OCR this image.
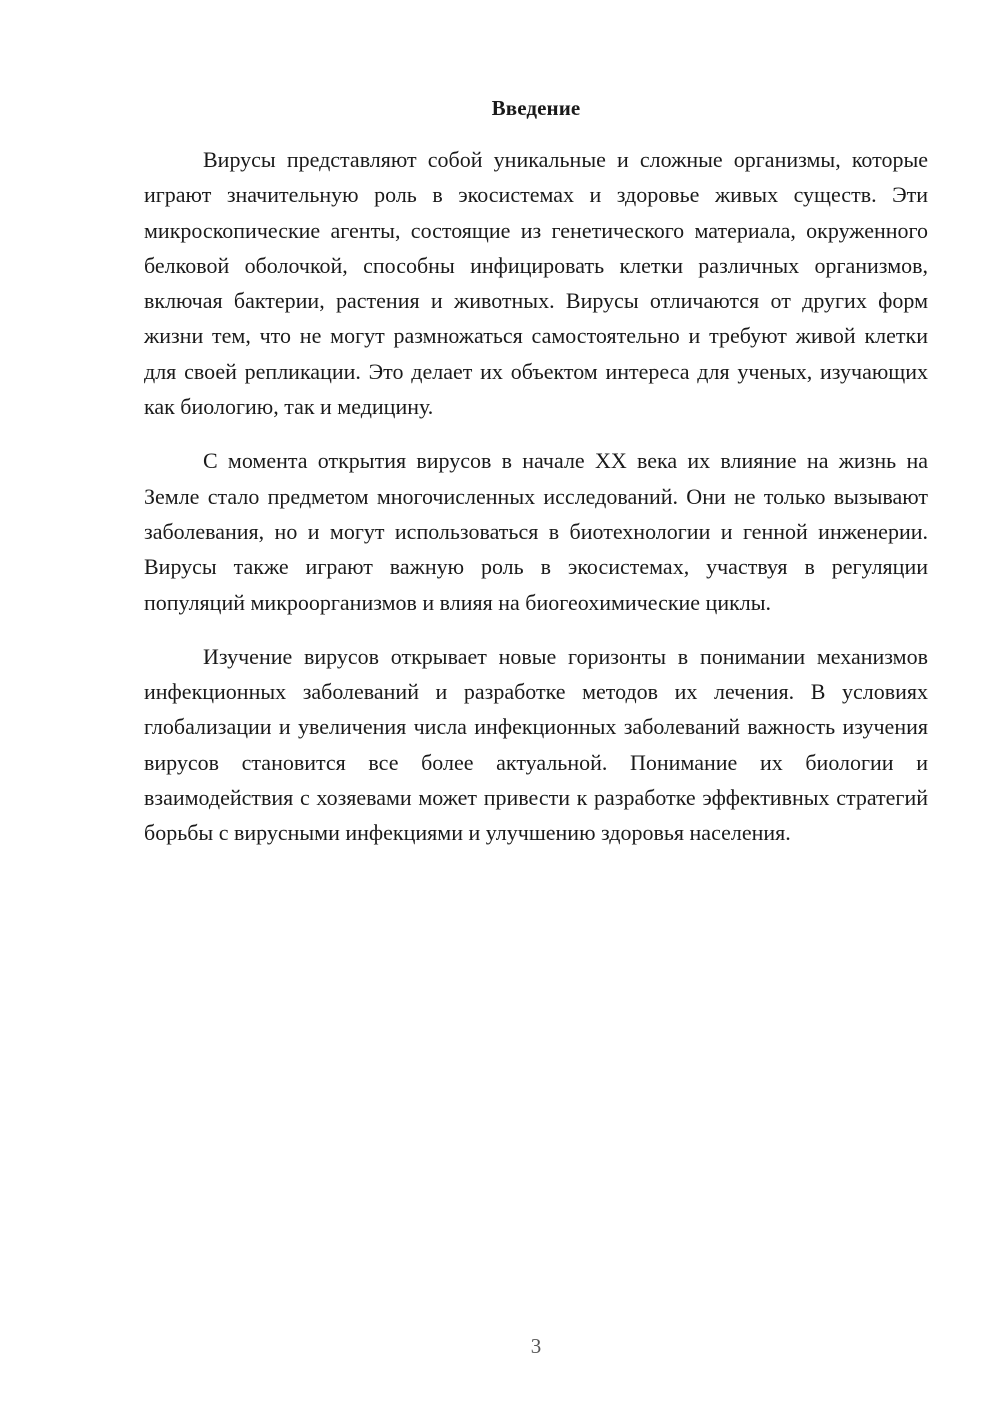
Введение

Вирусы представляют собой уникальные и сложные организмы, которые играют значительную роль в экосистемах и здоровье живых существ. Эти микроскопические агенты, состоящие из генетического материала, окруженного белковой оболочкой, способны инфицировать клетки различных организмов, включая бактерии, растения и животных. Вирусы отличаются от других форм жизни тем, что не могут размножаться самостоятельно и требуют живой клетки для своей репликации. Это делает их объектом интереса для ученых, изучающих как биологию, так и медицину.

С момента открытия вирусов в начале XX века их влияние на жизнь на Земле стало предметом многочисленных исследований. Они не только вызывают заболевания, но и могут использоваться в биотехнологии и генной инженерии. Вирусы также играют важную роль в экосистемах, участвуя в регуляции популяций микроорганизмов и влияя на биогеохимические циклы.

Изучение вирусов открывает новые горизонты в понимании механизмов инфекционных заболеваний и разработке методов их лечения. В условиях глобализации и увеличения числа инфекционных заболеваний важность изучения вирусов становится все более актуальной. Понимание их биологии и взаимодействия с хозяевами может привести к разработке эффективных стратегий борьбы с вирусными инфекциями и улучшению здоровья населения.

3
